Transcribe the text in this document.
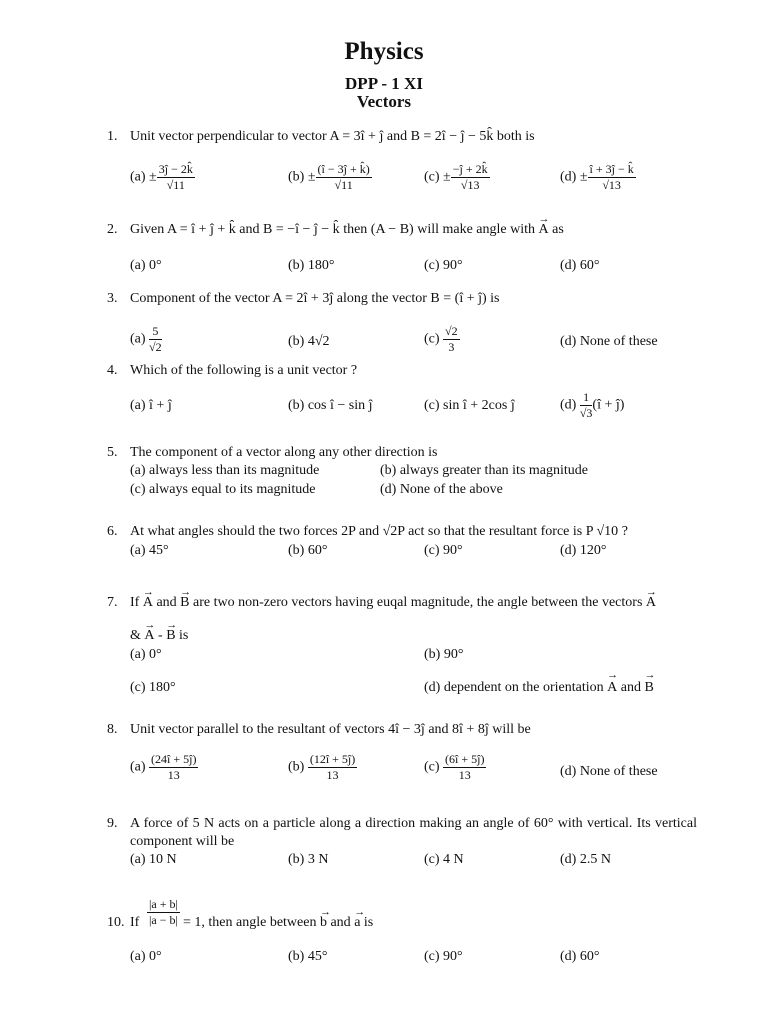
Physics
DPP - 1 XI
Vectors
1. Unit vector perpendicular to vector A = 3î + ĵ and B = 2î − ĵ − 5k̂ both is
$(a) \pm \frac{3ĵ - 2k̂}{√11}$	$(b) \pm \frac{(î - 3ĵ + k̂)}{√11}$	$(c) \pm \frac{-ĵ + 2k̂}{√13}$	$(d) \pm \frac{î + 3ĵ - k̂}{√13}$
2. Given A = î + ĵ + k̂ and B = −î − ĵ − k̂ then (A − B) will make angle with → A as
(a) 0°	(b) 180°	(c) 90°	(d) 60°
3. Component of the vector A = 2î + 3ĵ along the vector B = (î + ĵ) is
$(a) \frac{5}{√2}$	(b) 4√2	$(c) \frac{√2}{3}$	(d) None of these
4. Which of the following is a unit vector ?
(a) î + ĵ	(b) cos î − sin ĵ	(c) sin î + 2cos ĵ	$(d) \frac{1}{√3}$ (î + ĵ)
5. The component of a vector along any other direction is
(a) always less than its magnitude	(b) always greater than its magnitude
(c) always equal to its magnitude	(d) None of the above
6. At what angles should the two forces 2P and √2P act so that the resultant force is P √10 ?
(a) 45°	(b) 60°	(c) 90°	(d) 120°
7. If → A and → B are two non-zero vectors having euqal magnitude, the angle between the vectors → A
& → A - → B is
(a) 0°	(b) 90°
(c) 180°	(d) dependent on the orientation → A and → B
8. Unit vector parallel to the resultant of vectors 4î − 3ĵ and 8î + 8ĵ will be
$(a) \frac{(24î + 5ĵ)}{13}$	$(b) \frac{(12î + 5ĵ)}{13}$	$(c) \frac{(6î + 5ĵ)}{13}$	(d) None of these
9. A force of 5 N acts on a particle along a direction making an angle of 60° with vertical. Its vertical component will be
(a) 10 N	(b) 3 N	(c) 4 N	(d) 2.5 N
10. If $\frac{|a + b|}{|a - b|} = 1$, then angle between → b and → a is
(a) 0°	(b) 45°	(c) 90°	(d) 60°
